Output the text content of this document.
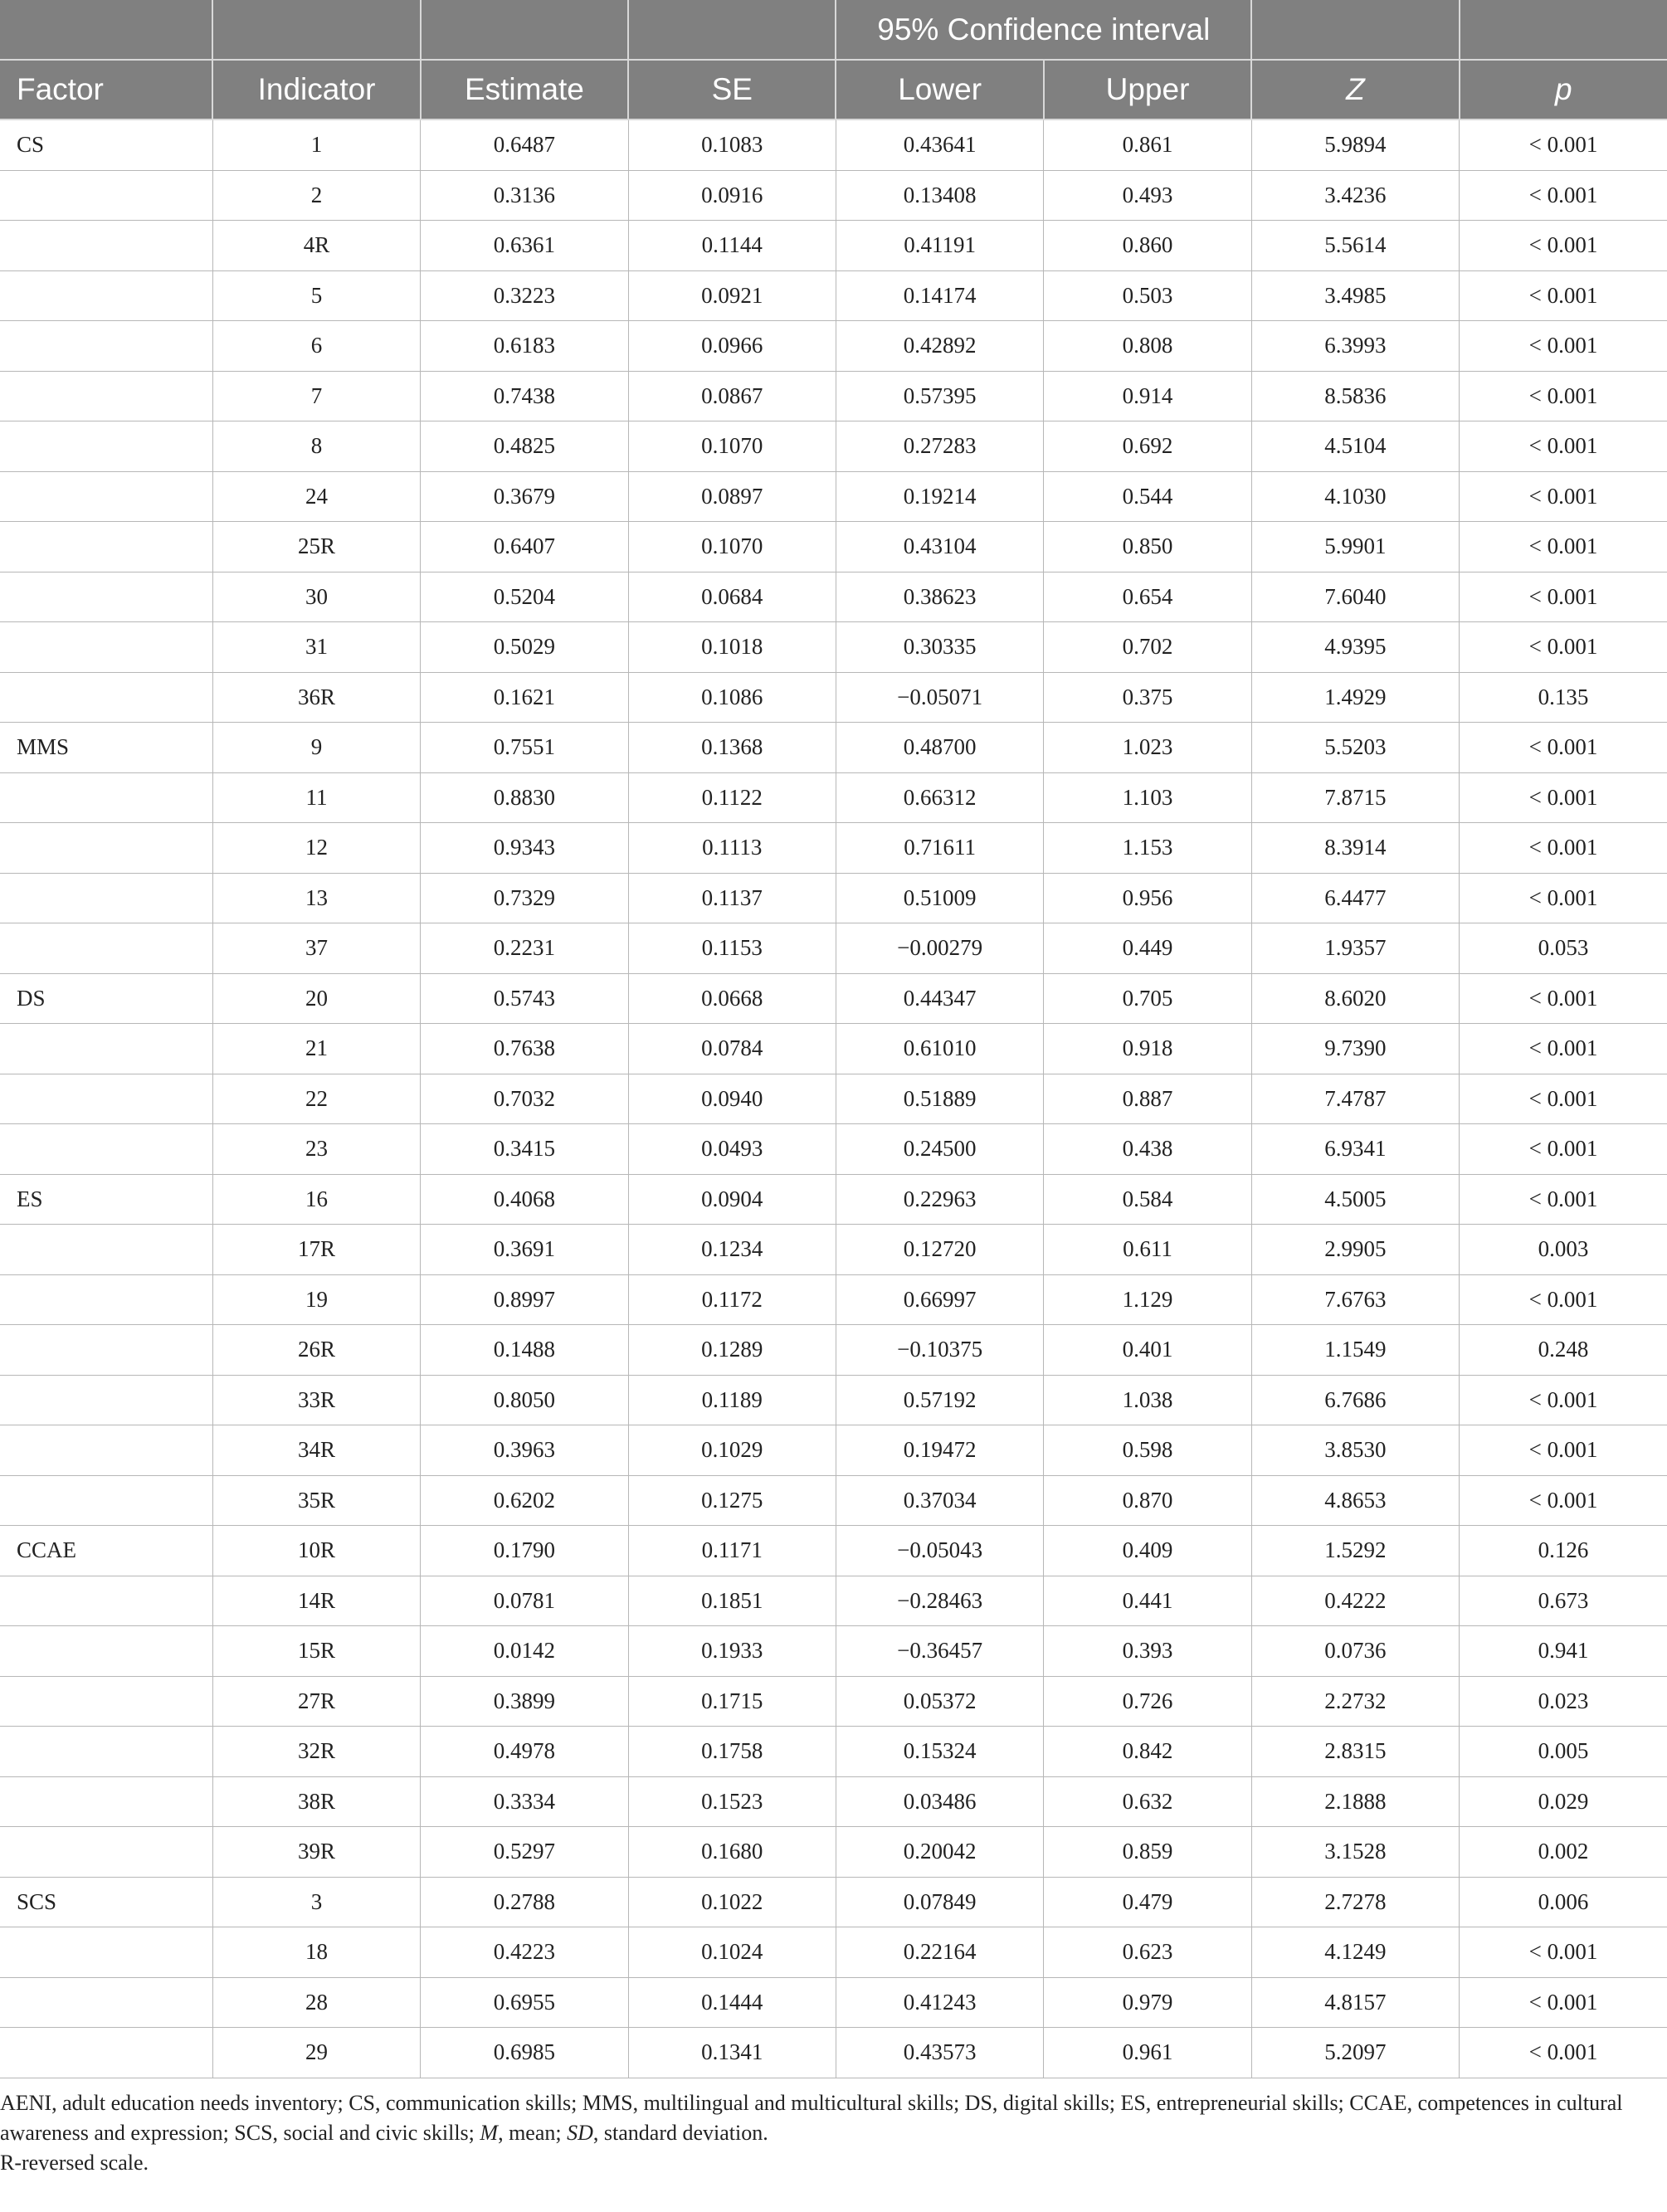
				95% Confidence interval			
Factor	Indicator	Estimate	SE	Lower	Upper	Z	p
CS	1	0.6487	0.1083	0.43641	0.861	5.9894	< 0.001
	2	0.3136	0.0916	0.13408	0.493	3.4236	< 0.001
	4R	0.6361	0.1144	0.41191	0.860	5.5614	< 0.001
	5	0.3223	0.0921	0.14174	0.503	3.4985	< 0.001
	6	0.6183	0.0966	0.42892	0.808	6.3993	< 0.001
	7	0.7438	0.0867	0.57395	0.914	8.5836	< 0.001
	8	0.4825	0.1070	0.27283	0.692	4.5104	< 0.001
	24	0.3679	0.0897	0.19214	0.544	4.1030	< 0.001
	25R	0.6407	0.1070	0.43104	0.850	5.9901	< 0.001
	30	0.5204	0.0684	0.38623	0.654	7.6040	< 0.001
	31	0.5029	0.1018	0.30335	0.702	4.9395	< 0.001
	36R	0.1621	0.1086	−0.05071	0.375	1.4929	0.135
MMS	9	0.7551	0.1368	0.48700	1.023	5.5203	< 0.001
	11	0.8830	0.1122	0.66312	1.103	7.8715	< 0.001
	12	0.9343	0.1113	0.71611	1.153	8.3914	< 0.001
	13	0.7329	0.1137	0.51009	0.956	6.4477	< 0.001
	37	0.2231	0.1153	−0.00279	0.449	1.9357	0.053
DS	20	0.5743	0.0668	0.44347	0.705	8.6020	< 0.001
	21	0.7638	0.0784	0.61010	0.918	9.7390	< 0.001
	22	0.7032	0.0940	0.51889	0.887	7.4787	< 0.001
	23	0.3415	0.0493	0.24500	0.438	6.9341	< 0.001
ES	16	0.4068	0.0904	0.22963	0.584	4.5005	< 0.001
	17R	0.3691	0.1234	0.12720	0.611	2.9905	0.003
	19	0.8997	0.1172	0.66997	1.129	7.6763	< 0.001
	26R	0.1488	0.1289	−0.10375	0.401	1.1549	0.248
	33R	0.8050	0.1189	0.57192	1.038	6.7686	< 0.001
	34R	0.3963	0.1029	0.19472	0.598	3.8530	< 0.001
	35R	0.6202	0.1275	0.37034	0.870	4.8653	< 0.001
CCAE	10R	0.1790	0.1171	−0.05043	0.409	1.5292	0.126
	14R	0.0781	0.1851	−0.28463	0.441	0.4222	0.673
	15R	0.0142	0.1933	−0.36457	0.393	0.0736	0.941
	27R	0.3899	0.1715	0.05372	0.726	2.2732	0.023
	32R	0.4978	0.1758	0.15324	0.842	2.8315	0.005
	38R	0.3334	0.1523	0.03486	0.632	2.1888	0.029
	39R	0.5297	0.1680	0.20042	0.859	3.1528	0.002
SCS	3	0.2788	0.1022	0.07849	0.479	2.7278	0.006
	18	0.4223	0.1024	0.22164	0.623	4.1249	< 0.001
	28	0.6955	0.1444	0.41243	0.979	4.8157	< 0.001
	29	0.6985	0.1341	0.43573	0.961	5.2097	< 0.001

AENI, adult education needs inventory; CS, communication skills; MMS, multilingual and multicultural skills; DS, digital skills; ES, entrepreneurial skills; CCAE, competences in cultural awareness and expression; SCS, social and civic skills; M, mean; SD, standard deviation.

R-reversed scale.
